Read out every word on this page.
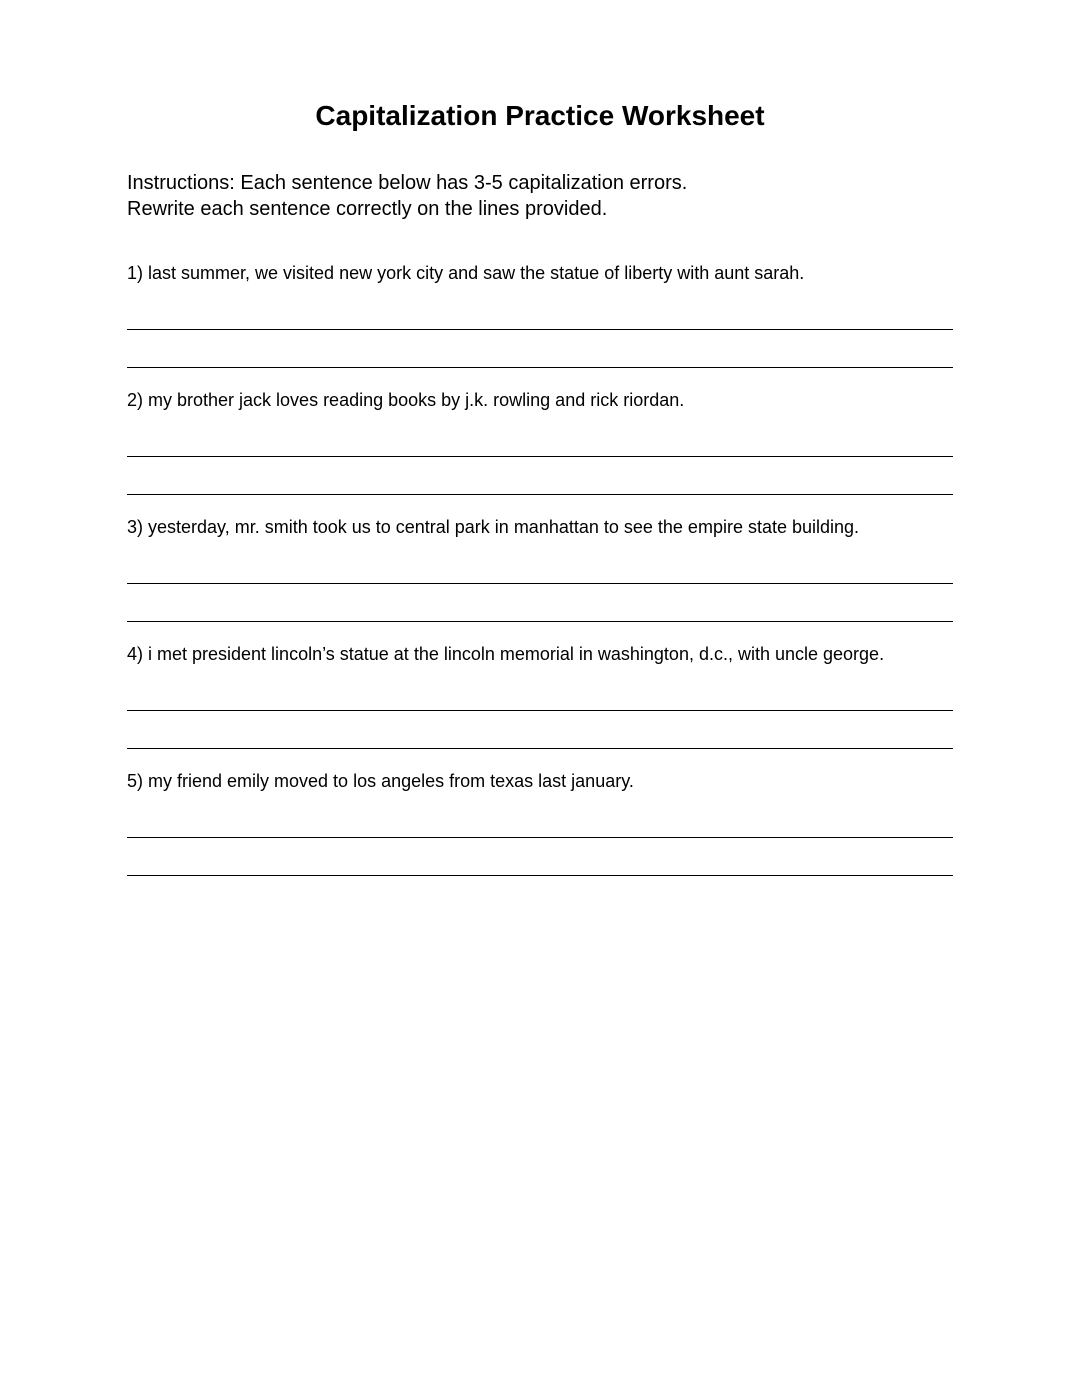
Capitalization Practice Worksheet
Instructions: Each sentence below has 3-5 capitalization errors.
Rewrite each sentence correctly on the lines provided.
1) last summer, we visited new york city and saw the statue of liberty with aunt sarah.
2) my brother jack loves reading books by j.k. rowling and rick riordan.
3) yesterday, mr. smith took us to central park in manhattan to see the empire state building.
4) i met president lincoln’s statue at the lincoln memorial in washington, d.c., with uncle george.
5) my friend emily moved to los angeles from texas last january.
